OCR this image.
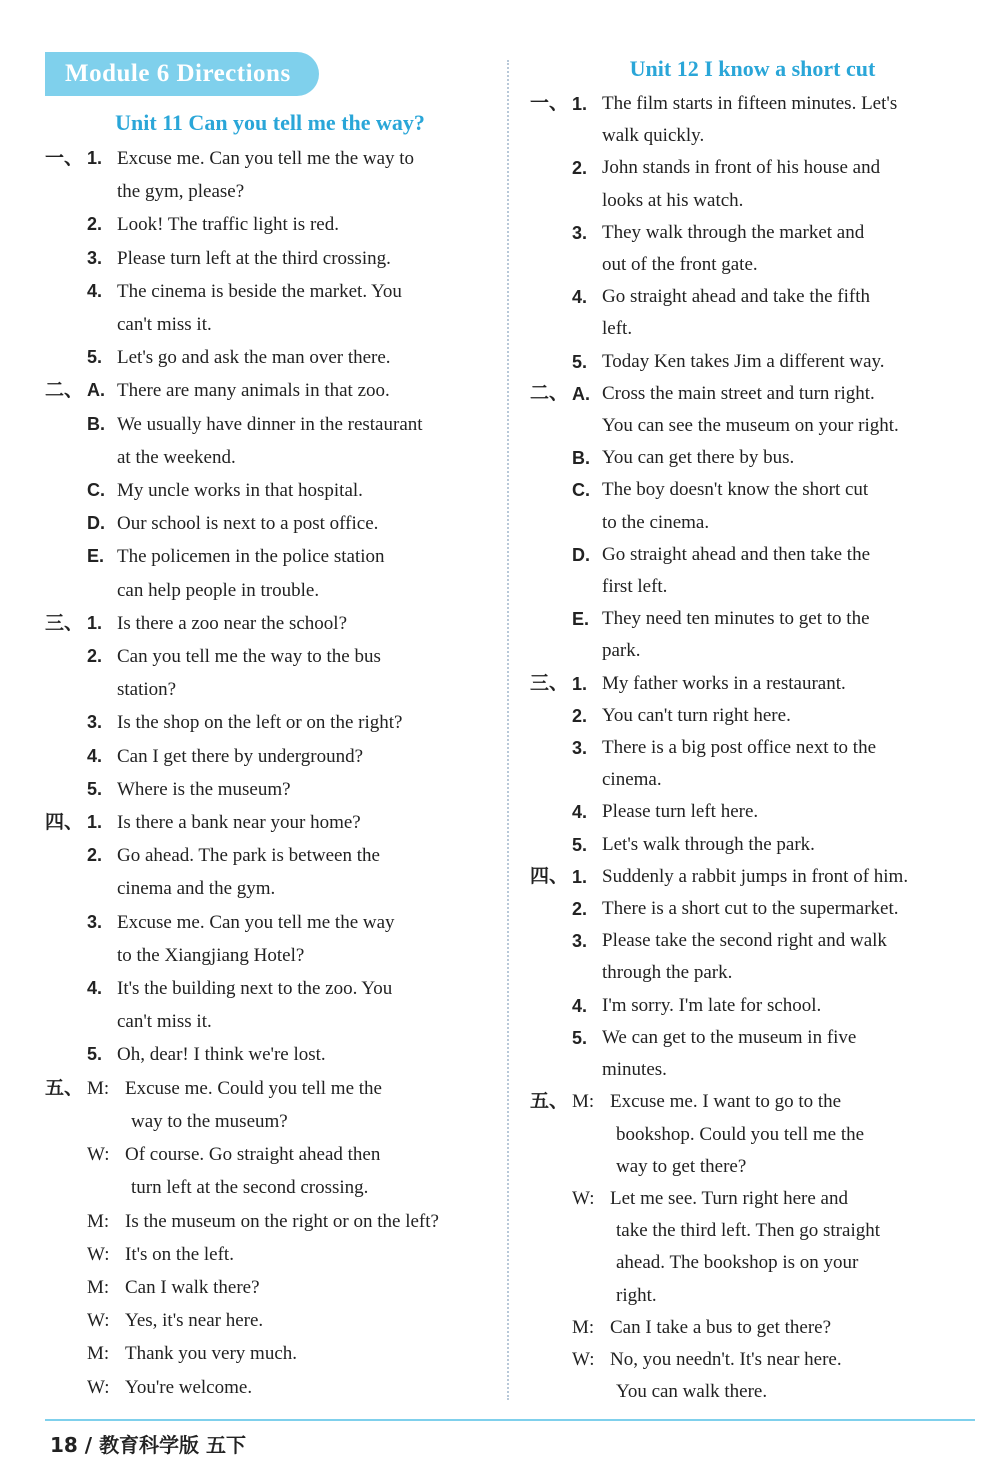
Module 6 Directions
Unit 11 Can you tell me the way?
一、 1. Excuse me. Can you tell me the way to
the gym, please?
2. Look! The traffic light is red.
3. Please turn left at the third crossing.
4. The cinema is beside the market. You
can't miss it.
5. Let's go and ask the man over there.
二、 A. There are many animals in that zoo.
B. We usually have dinner in the restaurant
at the weekend.
C. My uncle works in that hospital.
D. Our school is next to a post office.
E. The policemen in the police station
can help people in trouble.
三、 1. Is there a zoo near the school?
2. Can you tell me the way to the bus
station?
3. Is the shop on the left or on the right?
4. Can I get there by underground?
5. Where is the museum?
四、 1. Is there a bank near your home?
2. Go ahead. The park is between the
cinema and the gym.
3. Excuse me. Can you tell me the way
to the Xiangjiang Hotel?
4. It's the building next to the zoo. You
can't miss it.
5. Oh, dear! I think we're lost.
五、 M: Excuse me. Could you tell me the
way to the museum?
W: Of course. Go straight ahead then
turn left at the second crossing.
M: Is the museum on the right or on the left?
W: It's on the left.
M: Can I walk there?
W: Yes, it's near here.
M: Thank you very much.
W: You're welcome.
Unit 12 I know a short cut
一、 1. The film starts in fifteen minutes. Let's
walk quickly.
2. John stands in front of his house and
looks at his watch.
3. They walk through the market and
out of the front gate.
4. Go straight ahead and take the fifth
left.
5. Today Ken takes Jim a different way.
二、 A. Cross the main street and turn right.
You can see the museum on your right.
B. You can get there by bus.
C. The boy doesn't know the short cut
to the cinema.
D. Go straight ahead and then take the
first left.
E. They need ten minutes to get to the
park.
三、 1. My father works in a restaurant.
2. You can't turn right here.
3. There is a big post office next to the
cinema.
4. Please turn left here.
5. Let's walk through the park.
四、 1. Suddenly a rabbit jumps in front of him.
2. There is a short cut to the supermarket.
3. Please take the second right and walk
through the park.
4. I'm sorry. I'm late for school.
5. We can get to the museum in five
minutes.
五、 M: Excuse me. I want to go to the
bookshop. Could you tell me the
way to get there?
W: Let me see. Turn right here and
take the third left. Then go straight
ahead. The bookshop is on your
right.
M: Can I take a bus to get there?
W: No, you needn't. It's near here.
You can walk there.
18 / 教育科学版 五下
